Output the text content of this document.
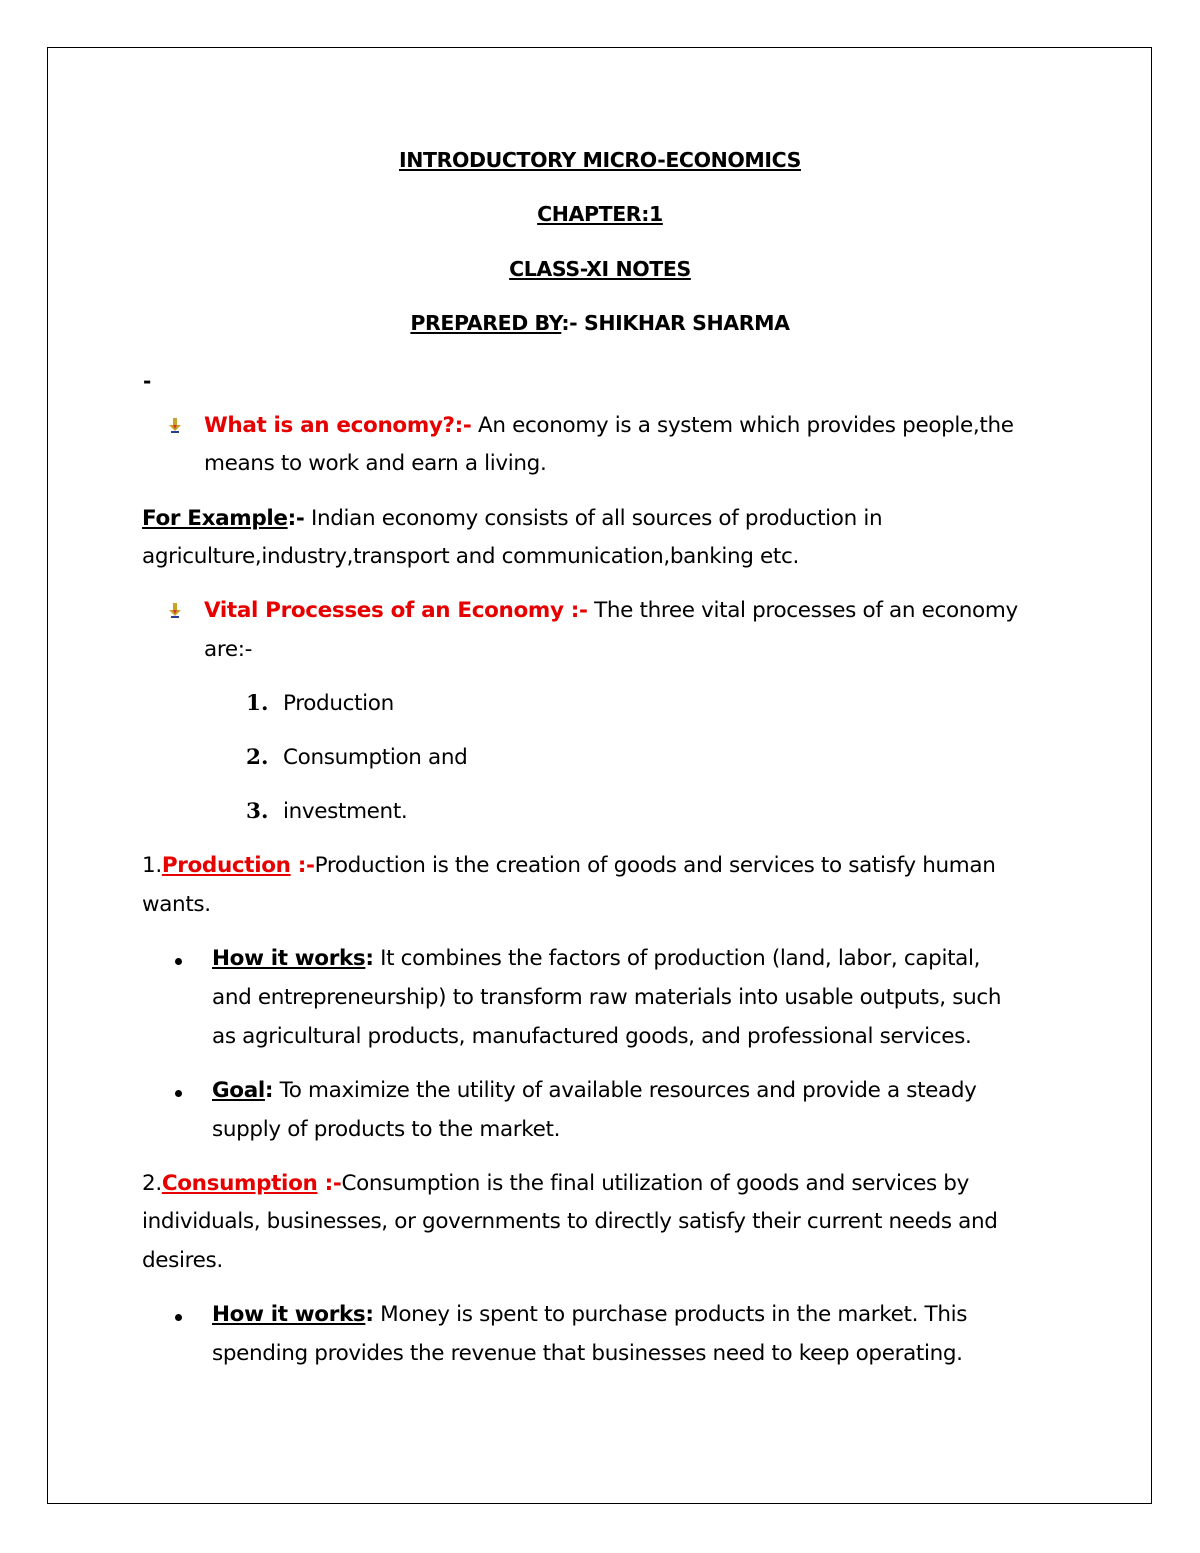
INTRODUCTORY MICRO-ECONOMICS
CHAPTER:1
CLASS-XI NOTES
PREPARED BY:- SHIKHAR SHARMA
-
What is an economy?:- An economy is a system which provides people,the
means to work and earn a living.
For Example:- Indian economy consists of all sources of production in
agriculture,industry,transport and communication,banking etc.
Vital Processes of an Economy :- The three vital processes of an economy
are:-
1. Production
2. Consumption and
3. investment.
1.Production :-Production is the creation of goods and services to satisfy human
wants.
How it works: It combines the factors of production (land, labor, capital,
and entrepreneurship) to transform raw materials into usable outputs, such
as agricultural products, manufactured goods, and professional services.
Goal: To maximize the utility of available resources and provide a steady
supply of products to the market.
2.Consumption :-Consumption is the final utilization of goods and services by
individuals, businesses, or governments to directly satisfy their current needs and
desires.
How it works: Money is spent to purchase products in the market. This
spending provides the revenue that businesses need to keep operating.
